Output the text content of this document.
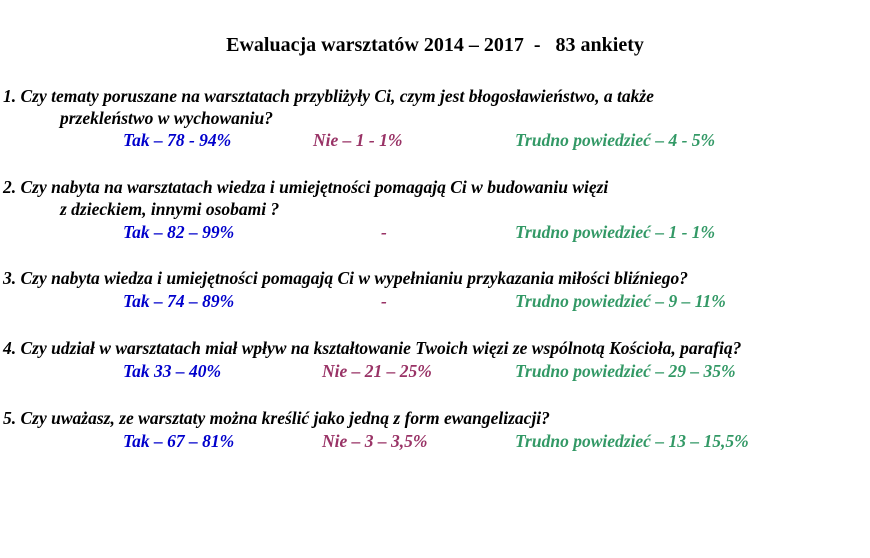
Ewaluacja warsztatów 2014 – 2017  -   83 ankiety
1. Czy tematy poruszane na warsztatach przybliżyły Ci, czym jest błogosławieństwo, a także
przekleństwo w wychowaniu?
Tak – 78 - 94%	Nie – 1 - 1%	Trudno powiedzieć – 4 - 5%
2. Czy nabyta na warsztatach wiedza i umiejętności pomagają Ci w budowaniu więzi
z dzieckiem, innymi osobami ?
Tak – 82 – 99%	-	Trudno powiedzieć – 1 - 1%
3. Czy nabyta wiedza i umiejętności pomagają Ci w wypełnianiu przykazania miłości bliźniego?
Tak – 74 – 89%	-	Trudno powiedzieć – 9 – 11%
4. Czy udział w warsztatach miał wpływ na kształtowanie Twoich więzi ze wspólnotą Kościoła, parafią?
Tak 33 – 40%	Nie – 21 – 25%	Trudno powiedzieć – 29 – 35%
5. Czy uważasz, ze warsztaty można kreślić jako jedną z form ewangelizacji?
Tak – 67 – 81%	Nie – 3 – 3,5%	Trudno powiedzieć – 13 – 15,5%
